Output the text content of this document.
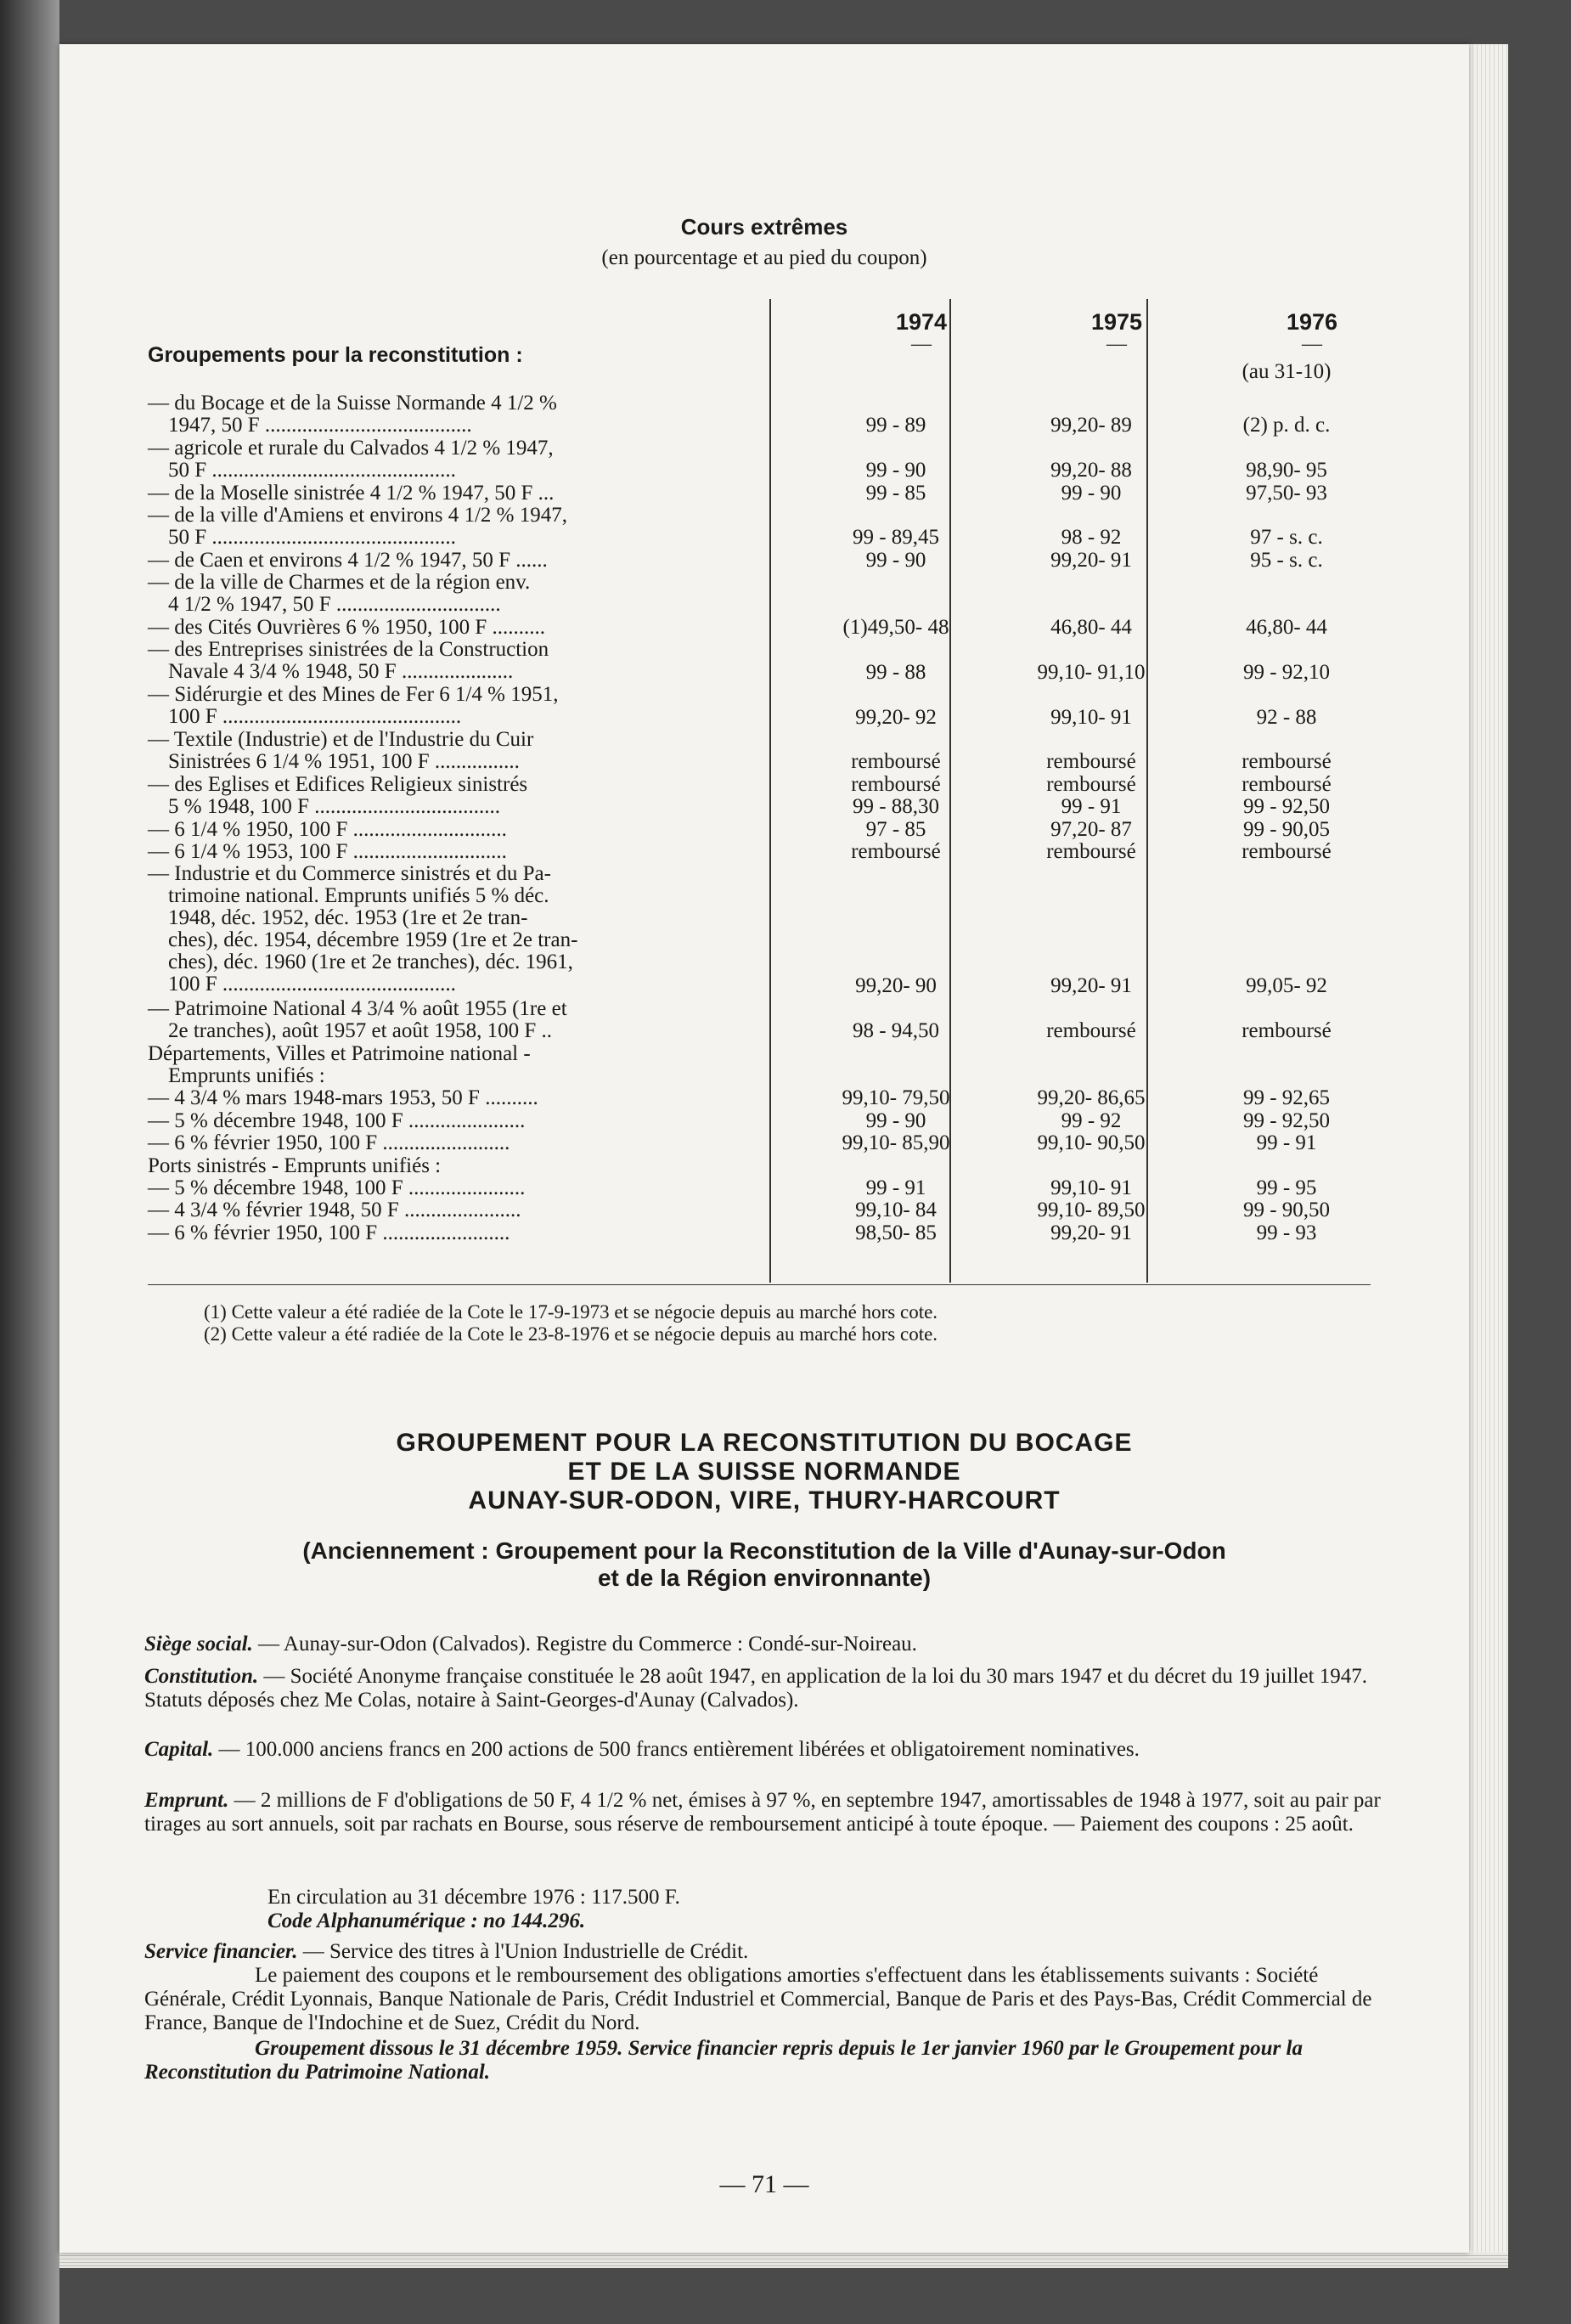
Cours extrêmes
(en pourcentage et au pied du coupon)
1974	1975	1976
—	—	—
(au 31-10)
Groupements pour la reconstitution :
— du Bocage et de la Suisse Normande 4 1/2 %
1947, 50 F .......................................	99 - 89	99,20- 89	(2) p. d. c.
— agricole et rurale du Calvados 4 1/2 % 1947,
50 F ..............................................	99 - 90	99,20- 88	98,90- 95
— de la Moselle sinistrée 4 1/2 % 1947, 50 F ...	99 - 85	99 - 90	97,50- 93
— de la ville d'Amiens et environs 4 1/2 % 1947,
50 F ..............................................	99 - 89,45	98 - 92	97 - s. c.
— de Caen et environs 4 1/2 % 1947, 50 F ......	99 - 90	99,20- 91	95 - s. c.
— de la ville de Charmes et de la région env.
4 1/2 % 1947, 50 F ...............................
— des Cités Ouvrières 6 % 1950, 100 F ..........	(1)49,50- 48	46,80- 44	46,80- 44
— des Entreprises sinistrées de la Construction
Navale 4 3/4 % 1948, 50 F .....................	99 - 88	99,10- 91,10	99 - 92,10
— Sidérurgie et des Mines de Fer 6 1/4 % 1951,
100 F .............................................	99,20- 92	99,10- 91	92 - 88
— Textile (Industrie) et de l'Industrie du Cuir
Sinistrées 6 1/4 % 1951, 100 F ................	remboursé	remboursé	remboursé
— des Eglises et Edifices Religieux sinistrés	remboursé	remboursé	remboursé
5 % 1948, 100 F ...................................	99 - 88,30	99 - 91	99 - 92,50
— 6 1/4 % 1950, 100 F .............................	97 - 85	97,20- 87	99 - 90,05
— 6 1/4 % 1953, 100 F .............................	remboursé	remboursé	remboursé
— Industrie et du Commerce sinistrés et du Pa-
trimoine national. Emprunts unifiés 5 % déc.
1948, déc. 1952, déc. 1953 (1re et 2e tran-
ches), déc. 1954, décembre 1959 (1re et 2e tran-
ches), déc. 1960 (1re et 2e tranches), déc. 1961,
100 F ............................................	99,20- 90	99,20- 91	99,05- 92
— Patrimoine National 4 3/4 % août 1955 (1re et
2e tranches), août 1957 et août 1958, 100 F ..	98 - 94,50	remboursé	remboursé
Départements, Villes et Patrimoine national -
Emprunts unifiés :
— 4 3/4 % mars 1948-mars 1953, 50 F ..........	99,10- 79,50	99,20- 86,65	99 - 92,65
— 5 % décembre 1948, 100 F ......................	99 - 90	99 - 92	99 - 92,50
— 6 % février 1950, 100 F ........................	99,10- 85,90	99,10- 90,50	99 - 91
Ports sinistrés - Emprunts unifiés :
— 5 % décembre 1948, 100 F ......................	99 - 91	99,10- 91	99 - 95
— 4 3/4 % février 1948, 50 F ......................	99,10- 84	99,10- 89,50	99 - 90,50
— 6 % février 1950, 100 F ........................	98,50- 85	99,20- 91	99 - 93
(1) Cette valeur a été radiée de la Cote le 17-9-1973 et se négocie depuis au marché hors cote.
(2) Cette valeur a été radiée de la Cote le 23-8-1976 et se négocie depuis au marché hors cote.
GROUPEMENT POUR LA RECONSTITUTION DU BOCAGE
ET DE LA SUISSE NORMANDE
AUNAY-SUR-ODON, VIRE, THURY-HARCOURT
(Anciennement : Groupement pour la Reconstitution de la Ville d'Aunay-sur-Odon
et de la Région environnante)
Siège social. — Aunay-sur-Odon (Calvados). Registre du Commerce : Condé-sur-Noireau.
Constitution. — Société Anonyme française constituée le 28 août 1947, en application de la loi du 30 mars 1947 et du décret du 19 juillet 1947. Statuts déposés chez Me Colas, notaire à Saint-Georges-d'Aunay (Calvados).
Capital. — 100.000 anciens francs en 200 actions de 500 francs entièrement libérées et obligatoirement nominatives.
Emprunt. — 2 millions de F d'obligations de 50 F, 4 1/2 % net, émises à 97 %, en septembre 1947, amortissables de 1948 à 1977, soit au pair par tirages au sort annuels, soit par rachats en Bourse, sous réserve de remboursement anticipé à toute époque. — Paiement des coupons : 25 août.
En circulation au 31 décembre 1976 : 117.500 F.
Code Alphanumérique : no 144.296.
Service financier. — Service des titres à l'Union Industrielle de Crédit.
Le paiement des coupons et le remboursement des obligations amorties s'effectuent dans les établissements suivants : Société Générale, Crédit Lyonnais, Banque Nationale de Paris, Crédit Industriel et Commercial, Banque de Paris et des Pays-Bas, Crédit Commercial de France, Banque de l'Indochine et de Suez, Crédit du Nord.
Groupement dissous le 31 décembre 1959. Service financier repris depuis le 1er janvier 1960 par le Groupement pour la Reconstitution du Patrimoine National.
— 71 —
